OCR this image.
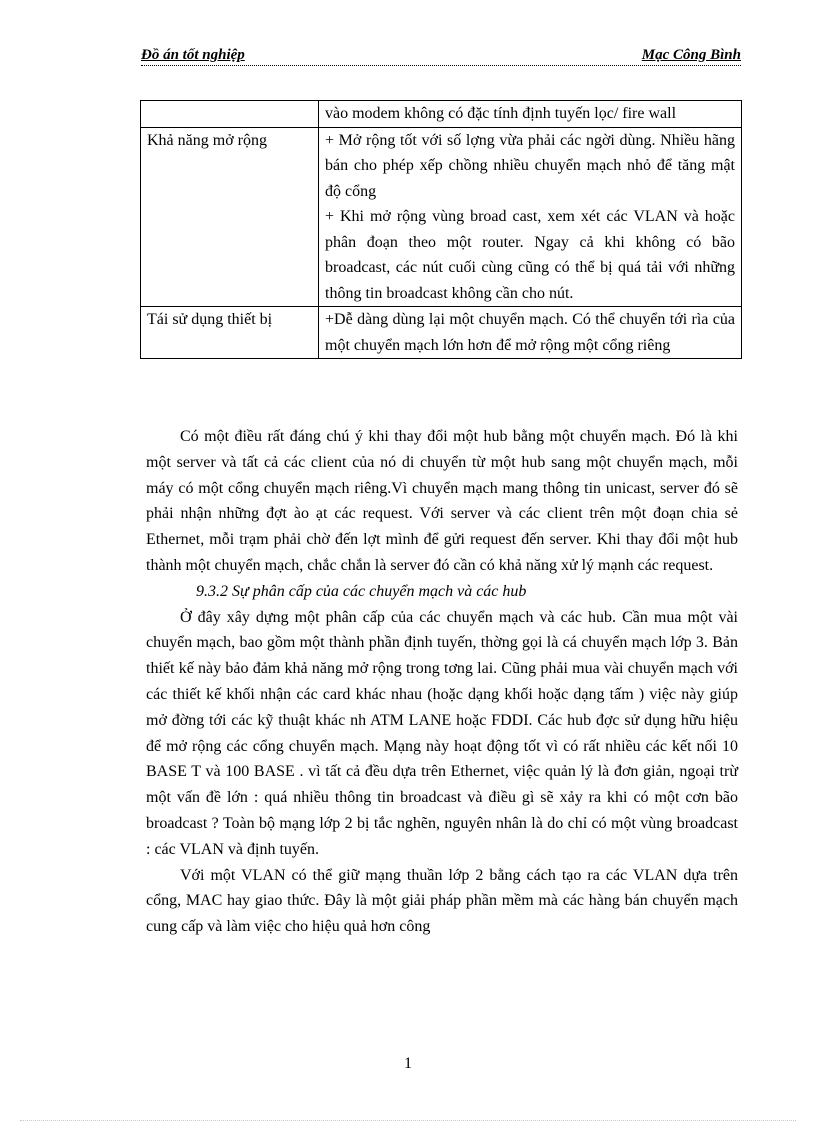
Đồ án tốt nghiệp	Mạc Công Bình

	vào modem không có đặc tính định tuyến lọc/ fire wall

Khả năng mở rộng	+ Mở rộng tốt với số lợng vừa phải các ngời dùng. Nhiều hãng bán cho phép xếp chồng nhiều chuyển mạch nhỏ để tăng mật độ cổng

+ Khi mở rộng vùng broad cast, xem xét các VLAN và hoặc phân đoạn theo một router. Ngay cả khi không có bão broadcast, các nút cuối cùng cũng có thể bị quá tải với những thông tin broadcast không cần cho nút.

Tái sử dụng thiết bị	+Dễ dàng dùng lại một chuyển mạch. Có thể chuyển tới rìa của một chuyển mạch lớn hơn để mở rộng một cổng riêng

Có một điều rất đáng chú ý khi thay đổi một hub bằng một chuyển mạch. Đó là khi một server và tất cả các client của nó di chuyển từ một hub sang một chuyển mạch, mỗi máy có một cổng chuyển mạch riêng.Vì chuyển mạch mang thông tin unicast, server đó sẽ phải nhận những đợt ào ạt các request. Với server và các client trên một đoạn chia sẻ Ethernet, mỗi trạm phải chờ đến lợt mình để gửi request đến server. Khi thay đổi một hub thành một chuyển mạch, chắc chắn là server đó cần có khả năng xử lý mạnh các request.

9.3.2 Sự phân cấp của các chuyển mạch và các hub

Ở đây xây dựng một phân cấp của các chuyển mạch và các hub. Cần mua một vài chuyển mạch, bao gồm một thành phần định tuyến, thờng gọi là cá chuyển mạch lớp 3. Bản thiết kế này bảo đảm khả năng mở rộng trong tơng lai. Cũng phải mua vài chuyển mạch với các thiết kế khối nhận các card khác nhau (hoặc dạng khối hoặc dạng tấm ) việc này giúp mở đờng tới các kỹ thuật khác nh ATM LANE hoặc FDDI. Các hub đợc sử dụng hữu hiệu để mở rộng các cổng chuyển mạch. Mạng này hoạt động tốt vì có rất nhiều các kết nối 10 BASE T và 100 BASE . vì tất cả đều dựa trên Ethernet, việc quản lý là đơn giản, ngoại trừ một vấn đề lớn : quá nhiều thông tin broadcast và điều gì sẽ xảy ra khi có một cơn bão broadcast ? Toàn bộ mạng lớp 2 bị tắc nghẽn, nguyên nhân là do chỉ có một vùng broadcast : các VLAN và định tuyến.

Với một VLAN có thể giữ mạng thuần lớp 2 bằng cách tạo ra các VLAN dựa trên cổng, MAC hay giao thức. Đây là một giải pháp phần mềm mà các hàng bán chuyển mạch cung cấp và làm việc cho hiệu quả hơn công

1
